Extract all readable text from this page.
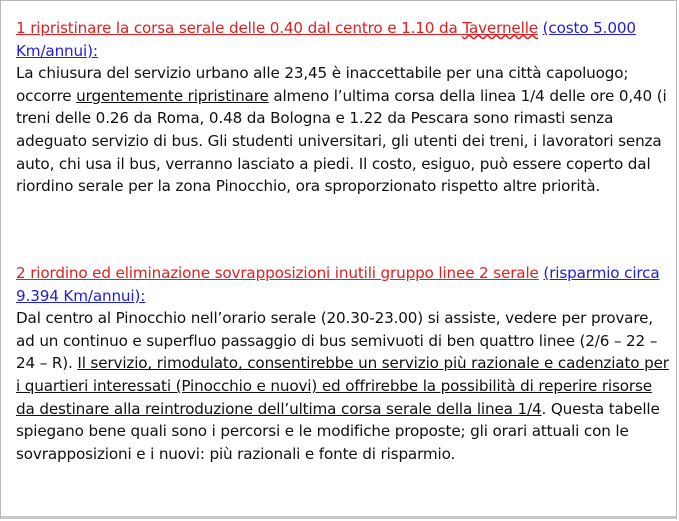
1 ripristinare la corsa serale delle 0.40 dal centro e 1.10 da Tavernelle (costo 5.000 Km/annui):
La chiusura del servizio urbano alle 23,45 è inaccettabile per una città capoluogo; occorre urgentemente ripristinare almeno l’ultima corsa della linea 1/4 delle ore 0,40 (i treni delle 0.26 da Roma, 0.48 da Bologna e 1.22 da Pescara sono rimasti senza adeguato servizio di bus. Gli studenti universitari, gli utenti dei treni, i lavoratori senza auto, chi usa il bus, verranno lasciato a piedi. Il costo, esiguo, può essere coperto dal riordino serale per la zona Pinocchio, ora sproporzionato rispetto altre priorità.
2 riordino ed eliminazione sovrapposizioni inutili gruppo linee 2 serale (risparmio circa 9.394 Km/annui):
Dal centro al Pinocchio nell’orario serale (20.30-23.00) si assiste, vedere per provare, ad un continuo e superfluo passaggio di bus semivuoti di ben quattro linee (2/6 – 22 – 24 – R). Il servizio, rimodulato, consentirebbe un servizio più razionale e cadenziato per i quartieri interessati (Pinocchio e nuovi) ed offrirebbe la possibilità di reperire risorse da destinare alla reintroduzione dell’ultima corsa serale della linea 1/4. Questa tabelle spiegano bene quali sono i percorsi e le modifiche proposte; gli orari attuali con le sovrapposizioni e i nuovi: più razionali e fonte di risparmio.
